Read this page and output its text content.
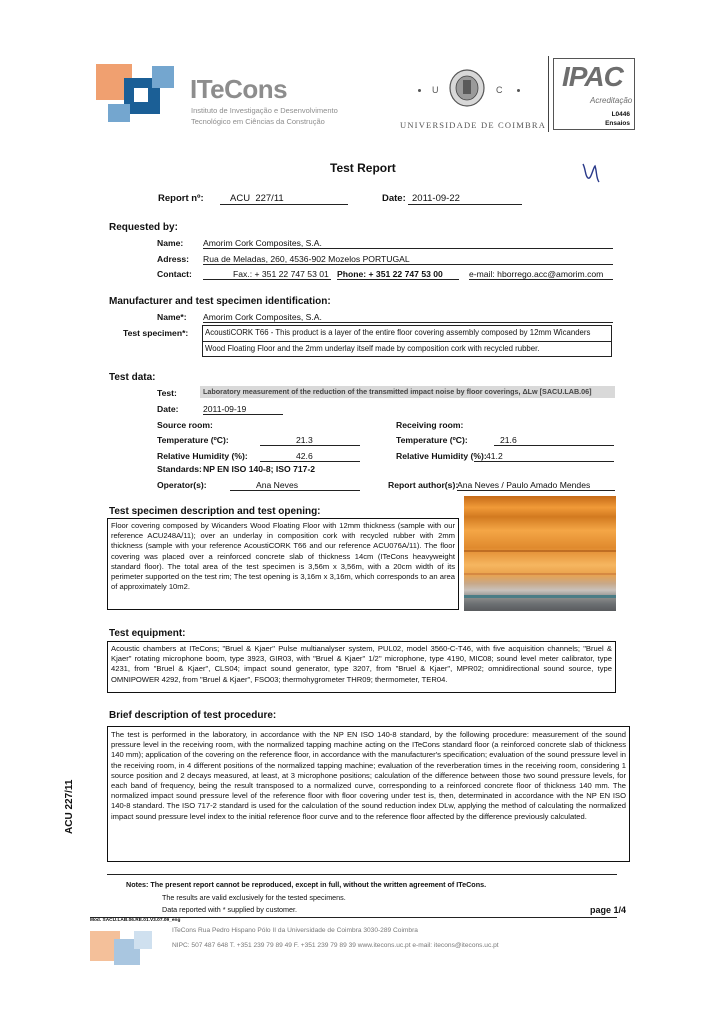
ITeCons
Instituto de Investigação e Desenvolvimento
Tecnológico em Ciências da Construção
U	C
UNIVERSIDADE DE COIMBRA
IPAC
Acreditação
L0446
Ensaios
Test Report
Report nº:	ACU  227/11	Date: 2011-09-22
Requested by:
Name: Amorim Cork Composites, S.A.
Adress: Rua de Meladas, 260, 4536-902 Mozelos PORTUGAL
Contact:	Fax.: + 351 22 747 53 01 Phone: + 351 22 747 53 00	e-mail: hborrego.acc@amorim.com
Manufacturer and test specimen identification:
Name*: Amorim Cork Composites, S.A.
Test specimen*: AcoustiCORK T66 - This product is a layer of the entire floor covering assembly composed by 12mm Wicanders
Wood Floating Floor and the 2mm underlay itself made by composition cork with recycled rubber.
Test data:
Test:	Laboratory measurement of the reduction of the transmitted impact noise by floor coverings, ΔLw [SACU.LAB.06]
Date:	2011-09-19
Source room:	Receiving room:
Temperature (ºC):	21.3	Temperature (ºC):	21.6
Relative Humidity (%):	42.6	Relative Humidity (%): 41.2
Standards: NP EN ISO 140-8; ISO 717-2
Operator(s):	Ana Neves	Report author(s):
Ana Neves / Paulo Amado Mendes
Test specimen description and test opening:
Floor covering composed by Wicanders Wood Floating Floor with 12mm thickness (sample with our reference ACU248A/11); over an underlay in composition cork with recycled rubber with 2mm thickness (sample with your reference AcoustiCORK T66 and our reference ACU076A/11). The floor covering was placed over a reinforced concrete slab of thickness 14cm (ITeCons heavyweight standard floor). The total area of the test specimen is 3,56m x 3,56m, with a 20cm width of its perimeter supported on the test rim; The test opening is 3,16m x 3,16m, which corresponds to an area of approximately 10m2.
Test equipment:
Acoustic chambers at ITeCons; "Bruel & Kjaer" Pulse multianalyser system, PUL02, model 3560-C-T46, with five acquisition channels; "Bruel & Kjaer" rotating microphone boom, type 3923, GIR03, with "Bruel & Kjaer" 1/2'' microphone, type 4190, MIC08; sound level meter calibrator, type 4231, from "Bruel & Kjaer", CLS04; impact sound generator, type 3207, from "Bruel & Kjaer", MPR02; omnidirectional sound source, type OMNIPOWER 4292, from "Bruel & Kjaer", FSO03; thermohygrometer THR09; thermometer, TER04.
Brief description of test procedure:
The test is performed in the laboratory, in accordance with the NP EN ISO 140-8 standard, by the following procedure: measurement of the sound pressure level in the receiving room, with the normalized tapping machine acting on the ITeCons standard floor (a reinforced concrete slab of thickness 140 mm); application of the covering on the reference floor, in accordance with the manufacturer's specification; evaluation of the sound pressure level in the receiving room, in 4 different positions of the normalized tapping machine; evaluation of the reverberation times in the receiving room, considering 1 source position and 2 decays measured, at least, at 3 microphone positions; calculation of the difference between those two sound pressure levels, for each band of frequency, being the result transposed to a normalized curve, corresponding to a reinforced concrete floor of thickness 140 mm. The normalized impact sound pressure level of the reference floor with floor covering under test is, then, determinated in accordance with the NP EN ISO 140-8 standard. The ISO 717-2 standard is used for the calculation of the sound reduction index DLw, applying the method of calculating the normalized impact sound pressure level index to the initial reference floor curve and to the reference floor affected by the difference previously calculated.
ACU 227/11
Notes: The present report cannot be reproduced, except in full, without the written agreement of ITeCons.
The results are valid exclusively for the tested specimens.
Data reported with * supplied by customer.	page 1/4
Mod. SACU.LAB.06.RE.01.V3.07.09_eng
ITeCons Rua Pedro Hispano Pólo II da Universidade de Coimbra 3030-289 Coimbra
NIPC: 507 487 648 T. +351 239 79 89 49 F. +351 239 79 89 39 www.itecons.uc.pt e-mail: itecons@itecons.uc.pt
